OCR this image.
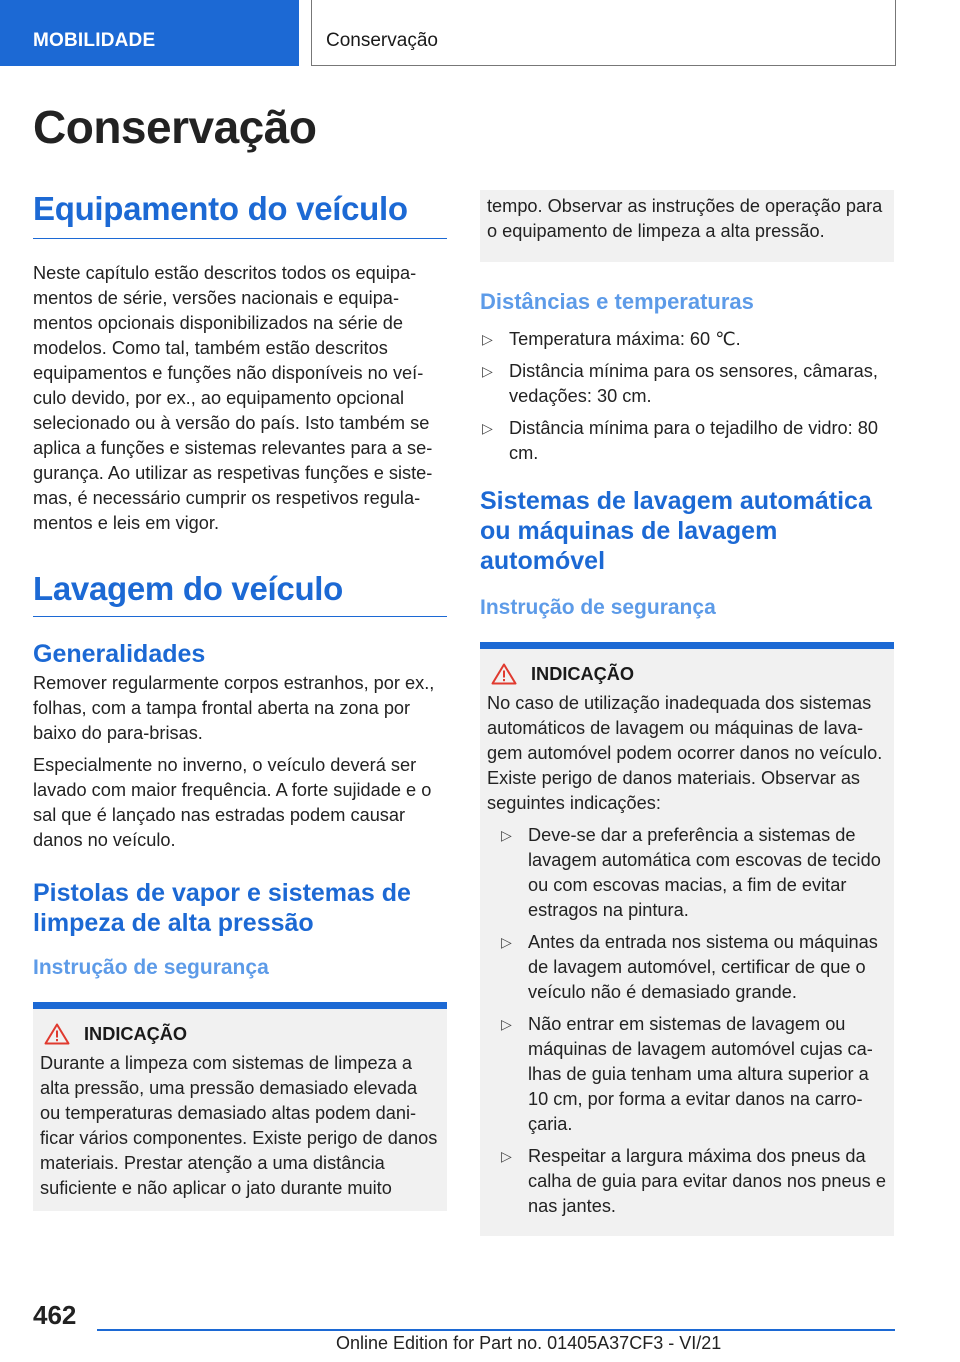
MOBILIDADE	Conservação
Conservação
Equipamento do veículo

Neste capítulo estão descritos todos os equipamentos de série, versões nacionais e equipamentos opcionais disponibilizados na série de modelos. Como tal, também estão descritos equipamentos e funções não disponíveis no veículo devido, por ex., ao equipamento opcional selecionado ou à versão do país. Isto também se aplica a funções e sistemas relevantes para a segurança. Ao utilizar as respetivas funções e sistemas, é necessário cumprir os respetivos regulamentos e leis em vigor.

Lavagem do veículo
Generalidades

Remover regularmente corpos estranhos, por ex., folhas, com a tampa frontal aberta na zona por baixo do para-brisas.

Especialmente no inverno, o veículo deverá ser lavado com maior frequência. A forte sujidade e o sal que é lançado nas estradas podem causar danos no veículo.

Pistolas de vapor e sistemas de limpeza de alta pressão
Instrução de segurança
INDICAÇÃO

Durante a limpeza com sistemas de limpeza a alta pressão, uma pressão demasiado elevada ou temperaturas demasiado altas podem danificar vários componentes. Existe perigo de danos materiais. Prestar atenção a uma distância suficiente e não aplicar o jato durante muito

tempo. Observar as instruções de operação para o equipamento de limpeza a alta pressão.

Distâncias e temperaturas
▷ Temperatura máxima: 60 ℃.
▷ Distância mínima para os sensores, câmaras, vedações: 30 cm.
▷ Distância mínima para o tejadilho de vidro: 80 cm.
Sistemas de lavagem automática ou máquinas de lavagem automóvel
Instrução de segurança
INDICAÇÃO

No caso de utilização inadequada dos sistemas automáticos de lavagem ou máquinas de lavagem automóvel podem ocorrer danos no veículo. Existe perigo de danos materiais. Observar as seguintes indicações:

▷ Deve-se dar a preferência a sistemas de lavagem automática com escovas de tecido ou com escovas macias, a fim de evitar estragos na pintura.
▷ Antes da entrada nos sistema ou máquinas de lavagem automóvel, certificar de que o veículo não é demasiado grande.
▷ Não entrar em sistemas de lavagem ou máquinas de lavagem automóvel cujas calhas de guia tenham uma altura superior a 10 cm, por forma a evitar danos na carroçaria.
▷ Respeitar a largura máxima dos pneus da calha de guia para evitar danos nos pneus e nas jantes.
462
Online Edition for Part no. 01405A37CF3 - VI/21
